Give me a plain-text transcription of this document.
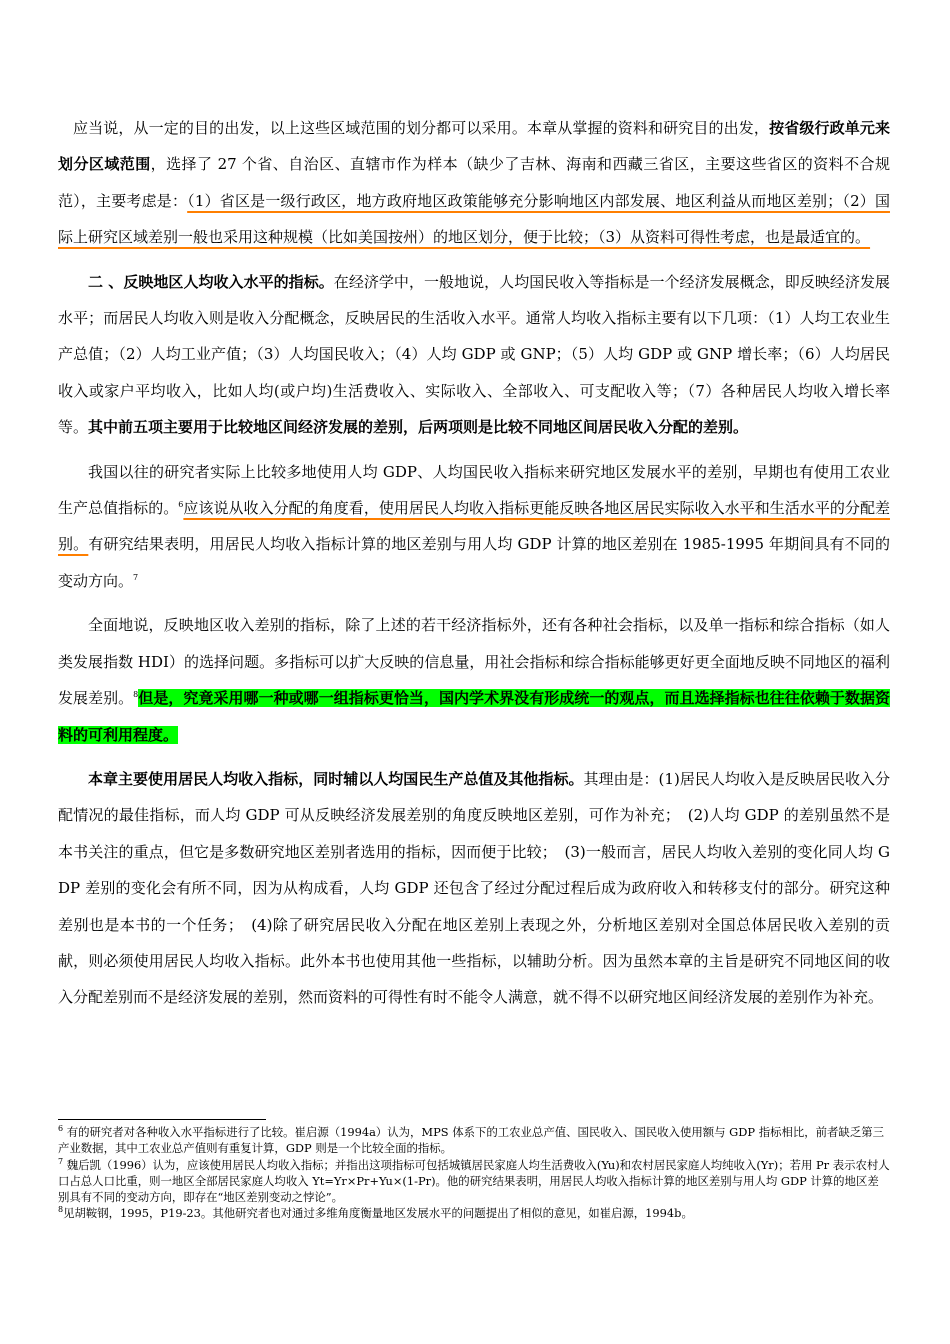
应当说，从一定的目的出发，以上这些区域范围的划分都可以采用。本章从掌握的资料和研究目的出发，按省级行政单元来划分区域范围，选择了 27 个省、自治区、直辖市作为样本（缺少了吉林、海南和西藏三省区，主要这些省区的资料不合规范），主要考虑是：（1）省区是一级行政区，地方政府地区政策能够充分影响地区内部发展、地区利益从而地区差别；（2）国际上研究区域差别一般也采用这种规模（比如美国按州）的地区划分，便于比较；（3）从资料可得性考虑，也是最适宜的。

二 、反映地区人均收入水平的指标。在经济学中，一般地说，人均国民收入等指标是一个经济发展概念，即反映经济发展水平；而居民人均收入则是收入分配概念，反映居民的生活收入水平。通常人均收入指标主要有以下几项：（1）人均工农业生产总值；（2）人均工业产值；（3）人均国民收入；（4）人均 GDP 或 GNP；（5）人均 GDP 或 GNP 增长率；（6）人均居民收入或家户平均收入，比如人均(或户均)生活费收入、实际收入、全部收入、可支配收入等；（7）各种居民人均收入增长率等。其中前五项主要用于比较地区间经济发展的差别，后两项则是比较不同地区间居民收入分配的差别。

我国以往的研究者实际上比较多地使用人均 GDP、人均国民收入指标来研究地区发展水平的差别，早期也有使用工农业生产总值指标的。$^6$应该说从收入分配的角度看，使用居民人均收入指标更能反映各地区居民实际收入水平和生活水平的分配差别。有研究结果表明，用居民人均收入指标计算的地区差别与用人均 GDP 计算的地区差别在 1985-1995 年期间具有不同的变动方向。$^7$

全面地说，反映地区收入差别的指标，除了上述的若干经济指标外，还有各种社会指标，以及单一指标和综合指标（如人类发展指数 HDI）的选择问题。多指标可以扩大反映的信息量，用社会指标和综合指标能够更好更全面地反映不同地区的福利发展差别。$^8$但是，究竟采用哪一种或哪一组指标更恰当，国内学术界没有形成统一的观点，而且选择指标也往往依赖于数据资料的可利用程度。

本章主要使用居民人均收入指标，同时辅以人均国民生产总值及其他指标。其理由是：(1)居民人均收入是反映居民收入分配情况的最佳指标，而人均 GDP 可从反映经济发展差别的角度反映地区差别，可作为补充；　(2)人均 GDP 的差别虽然不是本书关注的重点，但它是多数研究地区差别者选用的指标，因而便于比较；　(3)一般而言，居民人均收入差别的变化同人均 GDP 差别的变化会有所不同，因为从构成看，人均 GDP 还包含了经过分配过程后成为政府收入和转移支付的部分。研究这种差别也是本书的一个任务；　(4)除了研究居民收入分配在地区差别上表现之外，分析地区差别对全国总体居民收入差别的贡献，则必须使用居民人均收入指标。此外本书也使用其他一些指标，以辅助分析。因为虽然本章的主旨是研究不同地区间的收入分配差别而不是经济发展的差别，然而资料的可得性有时不能令人满意，就不得不以研究地区间经济发展的差别作为补充。

$^6$ 有的研究者对各种收入水平指标进行了比较。崔启源（1994a）认为，MPS 体系下的工农业总产值、国民收入、国民收入使用额与 GDP 指标相比，前者缺乏第三产业数据，其中工农业总产值则有重复计算，GDP 则是一个比较全面的指标。

$^7$ 魏后凯（1996）认为，应该使用居民人均收入指标；并指出这项指标可包括城镇居民家庭人均生活费收入(Yu)和农村居民家庭人均纯收入(Yr)；若用 Pr 表示农村人口占总人口比重，则一地区全部居民家庭人均收入 Yt=Yr×Pr+Yu×(1-Pr)。他的研究结果表明，用居民人均收入指标计算的地区差别与用人均 GDP 计算的地区差别具有不同的变动方向，即存在“地区差别变动之悖论”。

$^8$见胡鞍钢，1995，P19-23。其他研究者也对通过多维角度衡量地区发展水平的问题提出了相似的意见，如崔启源，1994b。
